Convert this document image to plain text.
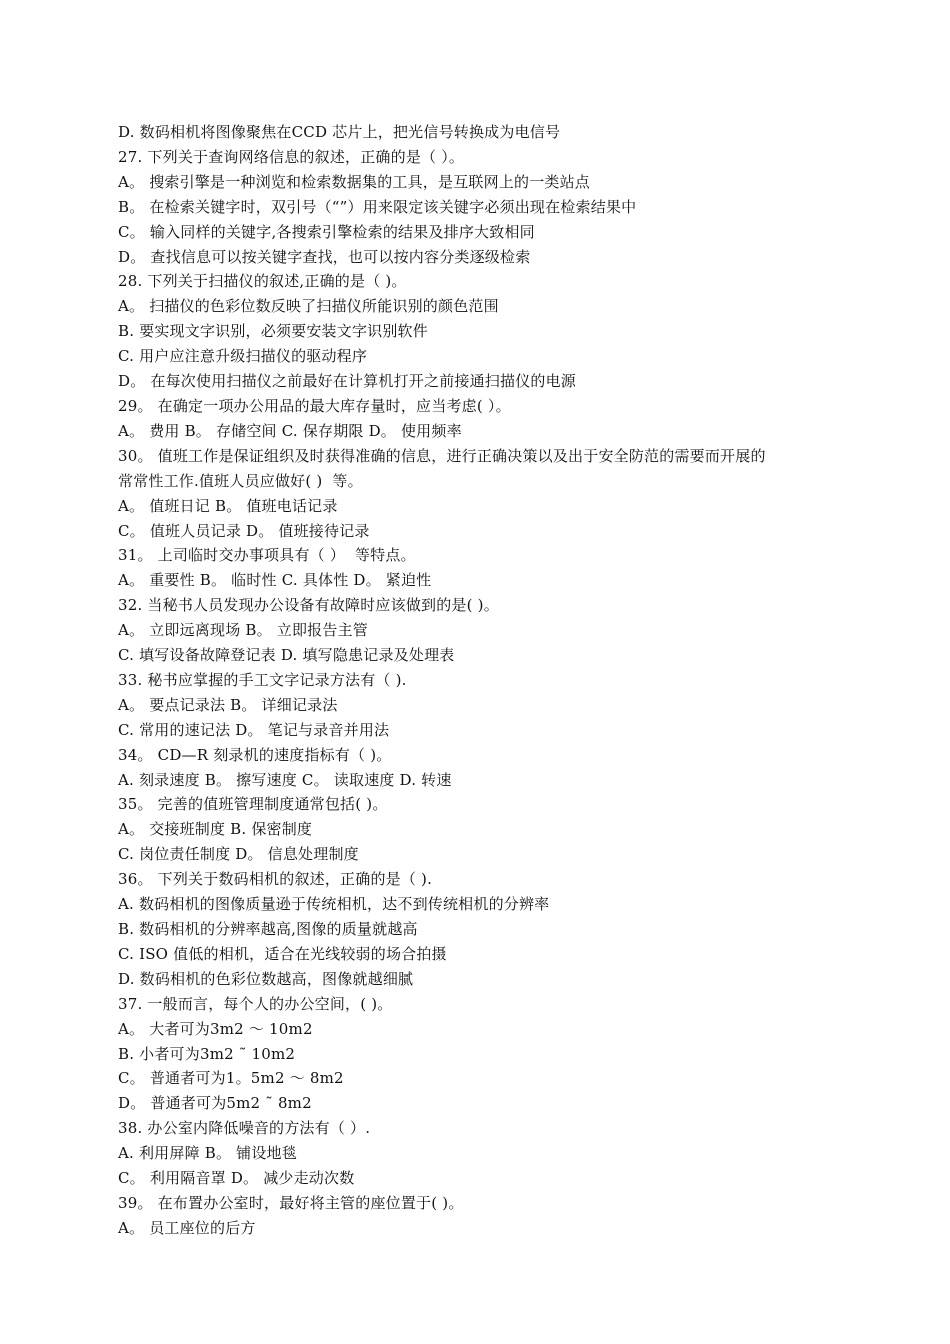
D. 数码相机将图像聚焦在CCD 芯片上，把光信号转换成为电信号
27. 下列关于查询网络信息的叙述，正确的是（ ）。
A。 搜索引擎是一种浏览和检索数据集的工具，是互联网上的一类站点
B。 在检索关键字时，双引号（“”）用来限定该关键字必须出现在检索结果中
C。 输入同样的关键字,各搜索引擎检索的结果及排序大致相同
D。 查找信息可以按关键字查找，也可以按内容分类逐级检索
28. 下列关于扫描仪的叙述,正确的是（ )。
A。 扫描仪的色彩位数反映了扫描仪所能识别的颜色范围
B. 要实现文字识别，必须要安装文字识别软件
C. 用户应注意升级扫描仪的驱动程序
D。 在每次使用扫描仪之前最好在计算机打开之前接通扫描仪的电源
29。 在确定一项办公用品的最大库存量时，应当考虑( ）。
A。 费用 B。 存储空间 C. 保存期限 D。 使用频率
30。 值班工作是保证组织及时获得准确的信息，进行正确决策以及出于安全防范的需要而开展的
常常性工作.值班人员应做好( )  等。
A。 值班日记 B。 值班电话记录
C。 值班人员记录 D。 值班接待记录
31。 上司临时交办事项具有（ ）  等特点。
A。 重要性 B。 临时性 C. 具体性 D。 紧迫性
32. 当秘书人员发现办公设备有故障时应该做到的是( )。
A。 立即远离现场 B。 立即报告主管
C. 填写设备故障登记表 D. 填写隐患记录及处理表
33. 秘书应掌握的手工文字记录方法有（ ).
A。 要点记录法 B。 详细记录法
C. 常用的速记法 D。 笔记与录音并用法
34。 CD—R 刻录机的速度指标有（ )。
A. 刻录速度 B。 擦写速度 C。 读取速度 D. 转速
35。 完善的值班管理制度通常包括( )。
A。 交接班制度 B. 保密制度
C. 岗位责任制度 D。 信息处理制度
36。 下列关于数码相机的叙述，正确的是（ ).
A. 数码相机的图像质量逊于传统相机，达不到传统相机的分辨率
B. 数码相机的分辨率越高,图像的质量就越高
C. ISO 值低的相机，适合在光线较弱的场合拍摄
D. 数码相机的色彩位数越高，图像就越细腻
37. 一般而言，每个人的办公空间，( )。
A。 大者可为3m2 ～ 10m2
B. 小者可为3m2 ˜ 10m2
C。 普通者可为1。5m2 ～ 8m2
D。 普通者可为5m2 ˜ 8m2
38. 办公室内降低噪音的方法有（ ）.
A. 利用屏障 B。 铺设地毯
C。 利用隔音罩 D。 减少走动次数
39。 在布置办公室时，最好将主管的座位置于( )。
A。 员工座位的后方
